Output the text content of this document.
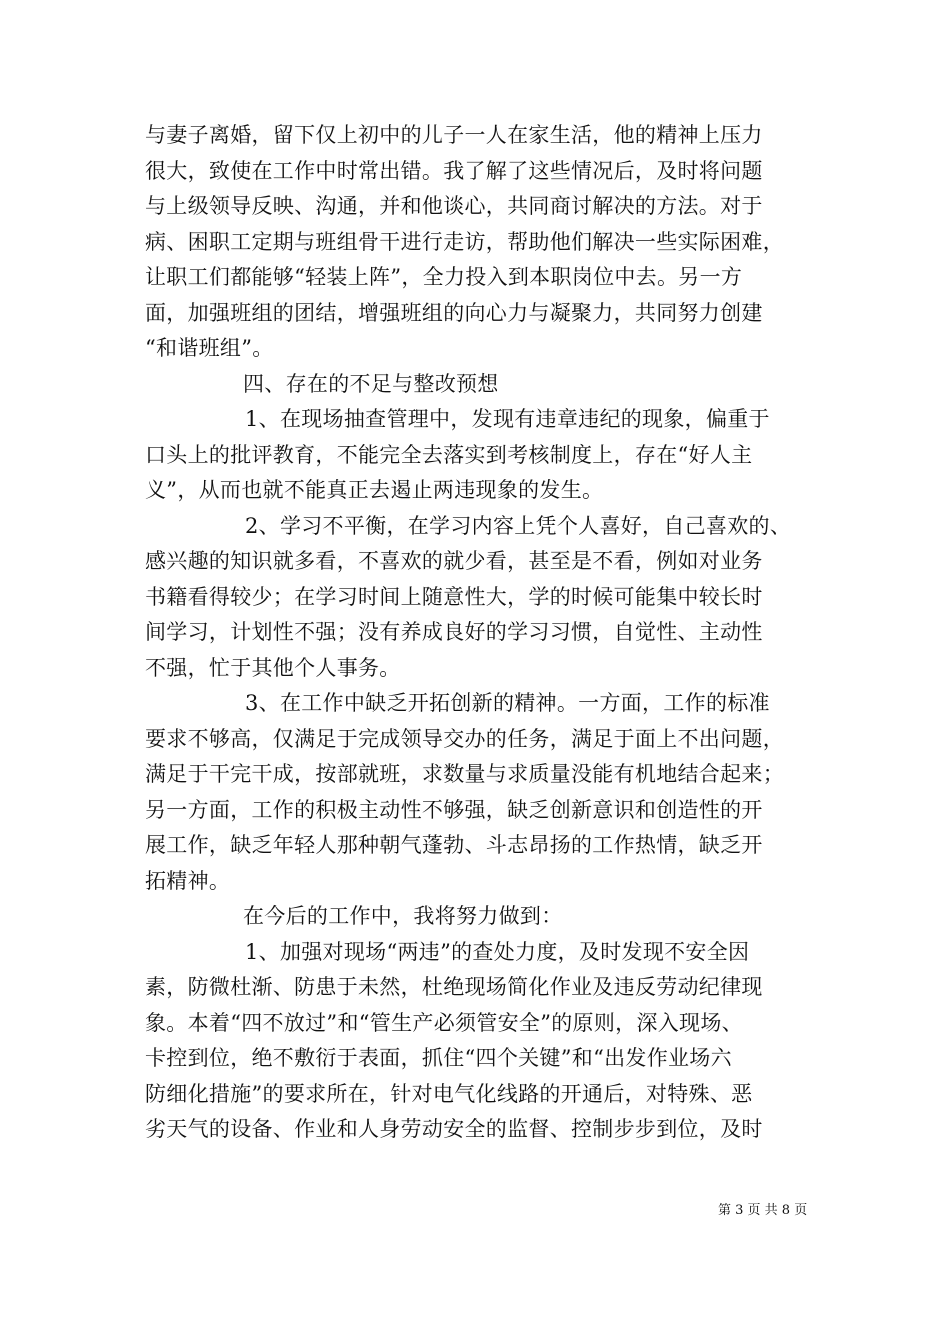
与妻子离婚，留下仅上初中的儿子一人在家生活，他的精神上压力
很大，致使在工作中时常出错。我了解了这些情况后，及时将问题
与上级领导反映、沟通，并和他谈心，共同商讨解决的方法。对于
病、困职工定期与班组骨干进行走访，帮助他们解决一些实际困难，
让职工们都能够“轻装上阵”，全力投入到本职岗位中去。另一方
面，加强班组的团结，增强班组的向心力与凝聚力，共同努力创建
“和谐班组”。
四、存在的不足与整改预想
1、在现场抽查管理中，发现有违章违纪的现象，偏重于
口头上的批评教育，不能完全去落实到考核制度上，存在“好人主
义”，从而也就不能真正去遏止两违现象的发生。
2、学习不平衡，在学习内容上凭个人喜好，自己喜欢的、
感兴趣的知识就多看，不喜欢的就少看，甚至是不看，例如对业务
书籍看得较少；在学习时间上随意性大，学的时候可能集中较长时
间学习，计划性不强；没有养成良好的学习习惯，自觉性、主动性
不强，忙于其他个人事务。
3、在工作中缺乏开拓创新的精神。一方面，工作的标准
要求不够高，仅满足于完成领导交办的任务，满足于面上不出问题，
满足于干完干成，按部就班，求数量与求质量没能有机地结合起来；
另一方面，工作的积极主动性不够强，缺乏创新意识和创造性的开
展工作，缺乏年轻人那种朝气蓬勃、斗志昂扬的工作热情，缺乏开
拓精神。
在今后的工作中，我将努力做到：
1、加强对现场“两违”的查处力度，及时发现不安全因
素，防微杜渐、防患于未然，杜绝现场简化作业及违反劳动纪律现
象。本着“四不放过”和“管生产必须管安全”的原则，深入现场、
卡控到位，绝不敷衍于表面，抓住“四个关键”和“出发作业场六
防细化措施”的要求所在，针对电气化线路的开通后，对特殊、恶
劣天气的设备、作业和人身劳动安全的监督、控制步步到位，及时
第 3 页 共 8 页
